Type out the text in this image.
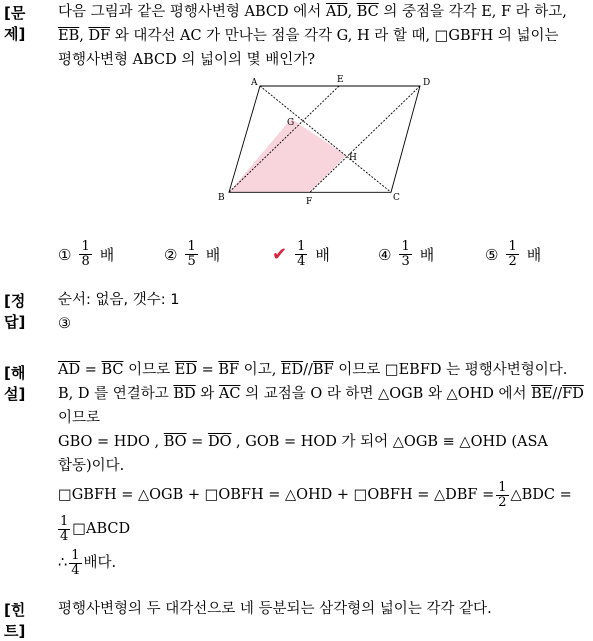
[문제]
다음 그림과 같은 평행사변형 ABCD 에서 $\overline{AD}$, $\overline{BC}$ 의 중점을 각각 E, F 라 하고,
$\overline{EB}$, $\overline{DF}$ 와 대각선 AC 가 만나는 점을 각각 G, H 라 할 때, □GBFH 의 넓이는
평행사변형 ABCD 의 넓이의 몇 배인가?
A	E	D
G
H
B	F	C
① $\frac{1}{8}$ 배	② $\frac{1}{5}$ 배	✔ $\frac{1}{4}$ 배	④ $\frac{1}{3}$ 배	⑤ $\frac{1}{2}$ 배
[정답]
순서: 없음, 갯수: 1
③
[해설]
$\overline{AD} = \overline{BC}$ 이므로 $\overline{ED} = \overline{BF}$ 이고, $\overline{ED}//\overline{BF}$ 이므로 □EBFD 는 평행사변형이다.
B, D 를 연결하고 $\overline{BD}$ 와 $\overline{AC}$ 의 교점을 O 라 하면 △OGB 와 △OHD 에서 $\overline{BE}//\overline{FD}$
이므로
GBO = HDO , $\overline{BO} = \overline{DO}$ , GOB = HOD 가 되어 △OGB ≡ △OHD (ASA
합동)이다.
□GBFH = △OGB + □OBFH = △OHD + □OBFH = △DBF = $\frac{1}{2}$ △BDC =
$\frac{1}{4}$ □ABCD
∴ $\frac{1}{4}$ 배다.
[힌트]
평행사변형의 두 대각선으로 네 등분되는 삼각형의 넓이는 각각 같다.
